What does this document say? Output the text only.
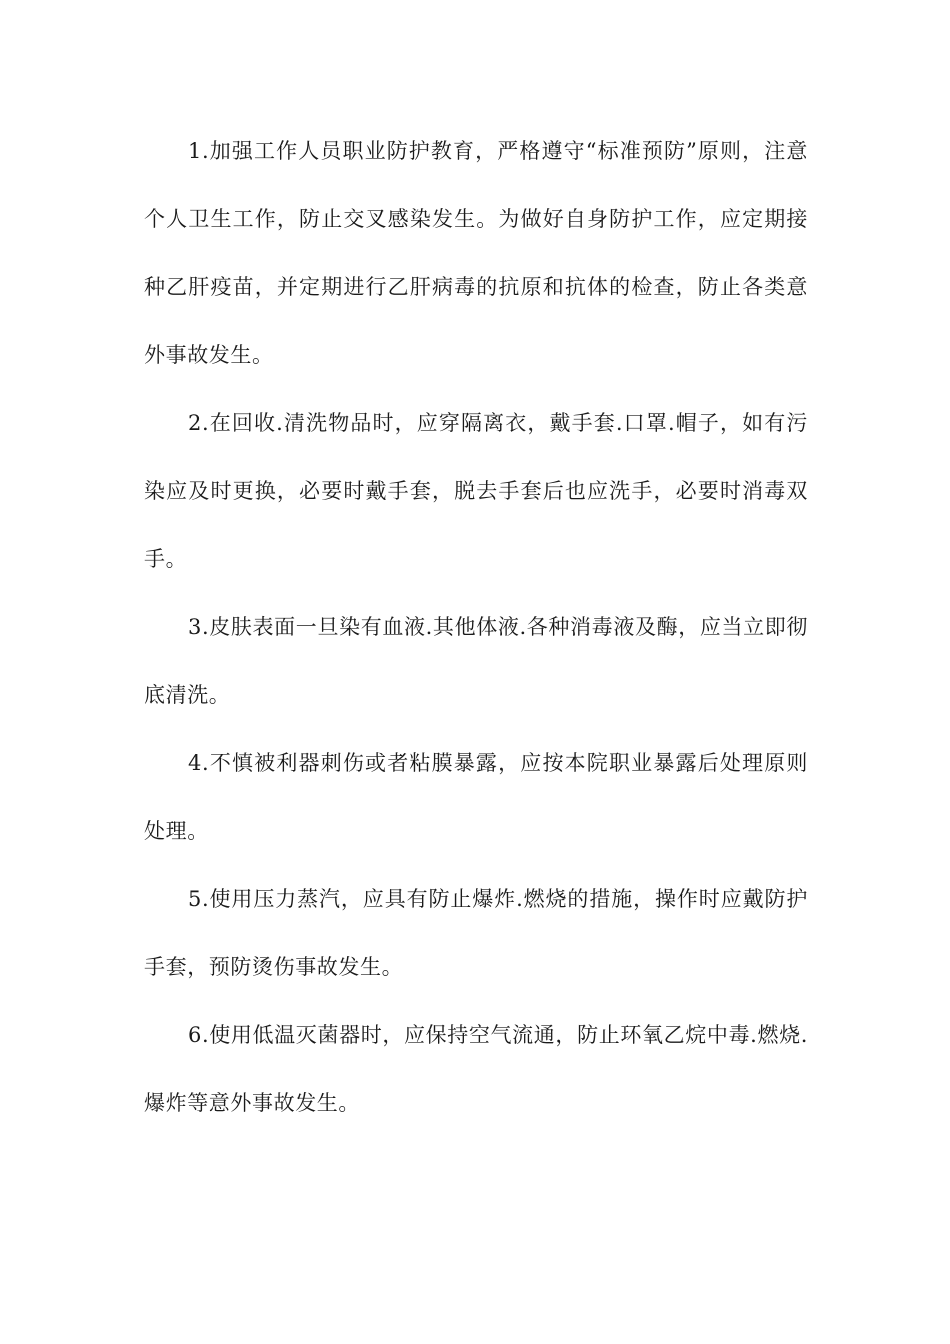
1.加强工作人员职业防护教育，严格遵守“标准预防”原则，注意个人卫生工作，防止交叉感染发生。为做好自身防护工作，应定期接种乙肝疫苗，并定期进行乙肝病毒的抗原和抗体的检查，防止各类意外事故发生。

2.在回收.清洗物品时，应穿隔离衣，戴手套.口罩.帽子，如有污染应及时更换，必要时戴手套，脱去手套后也应洗手，必要时消毒双手。

3.皮肤表面一旦染有血液.其他体液.各种消毒液及酶，应当立即彻底清洗。

4.不慎被利器刺伤或者粘膜暴露，应按本院职业暴露后处理原则处理。

5.使用压力蒸汽，应具有防止爆炸.燃烧的措施，操作时应戴防护手套，预防烫伤事故发生。

6.使用低温灭菌器时，应保持空气流通，防止环氧乙烷中毒.燃烧.爆炸等意外事故发生。
